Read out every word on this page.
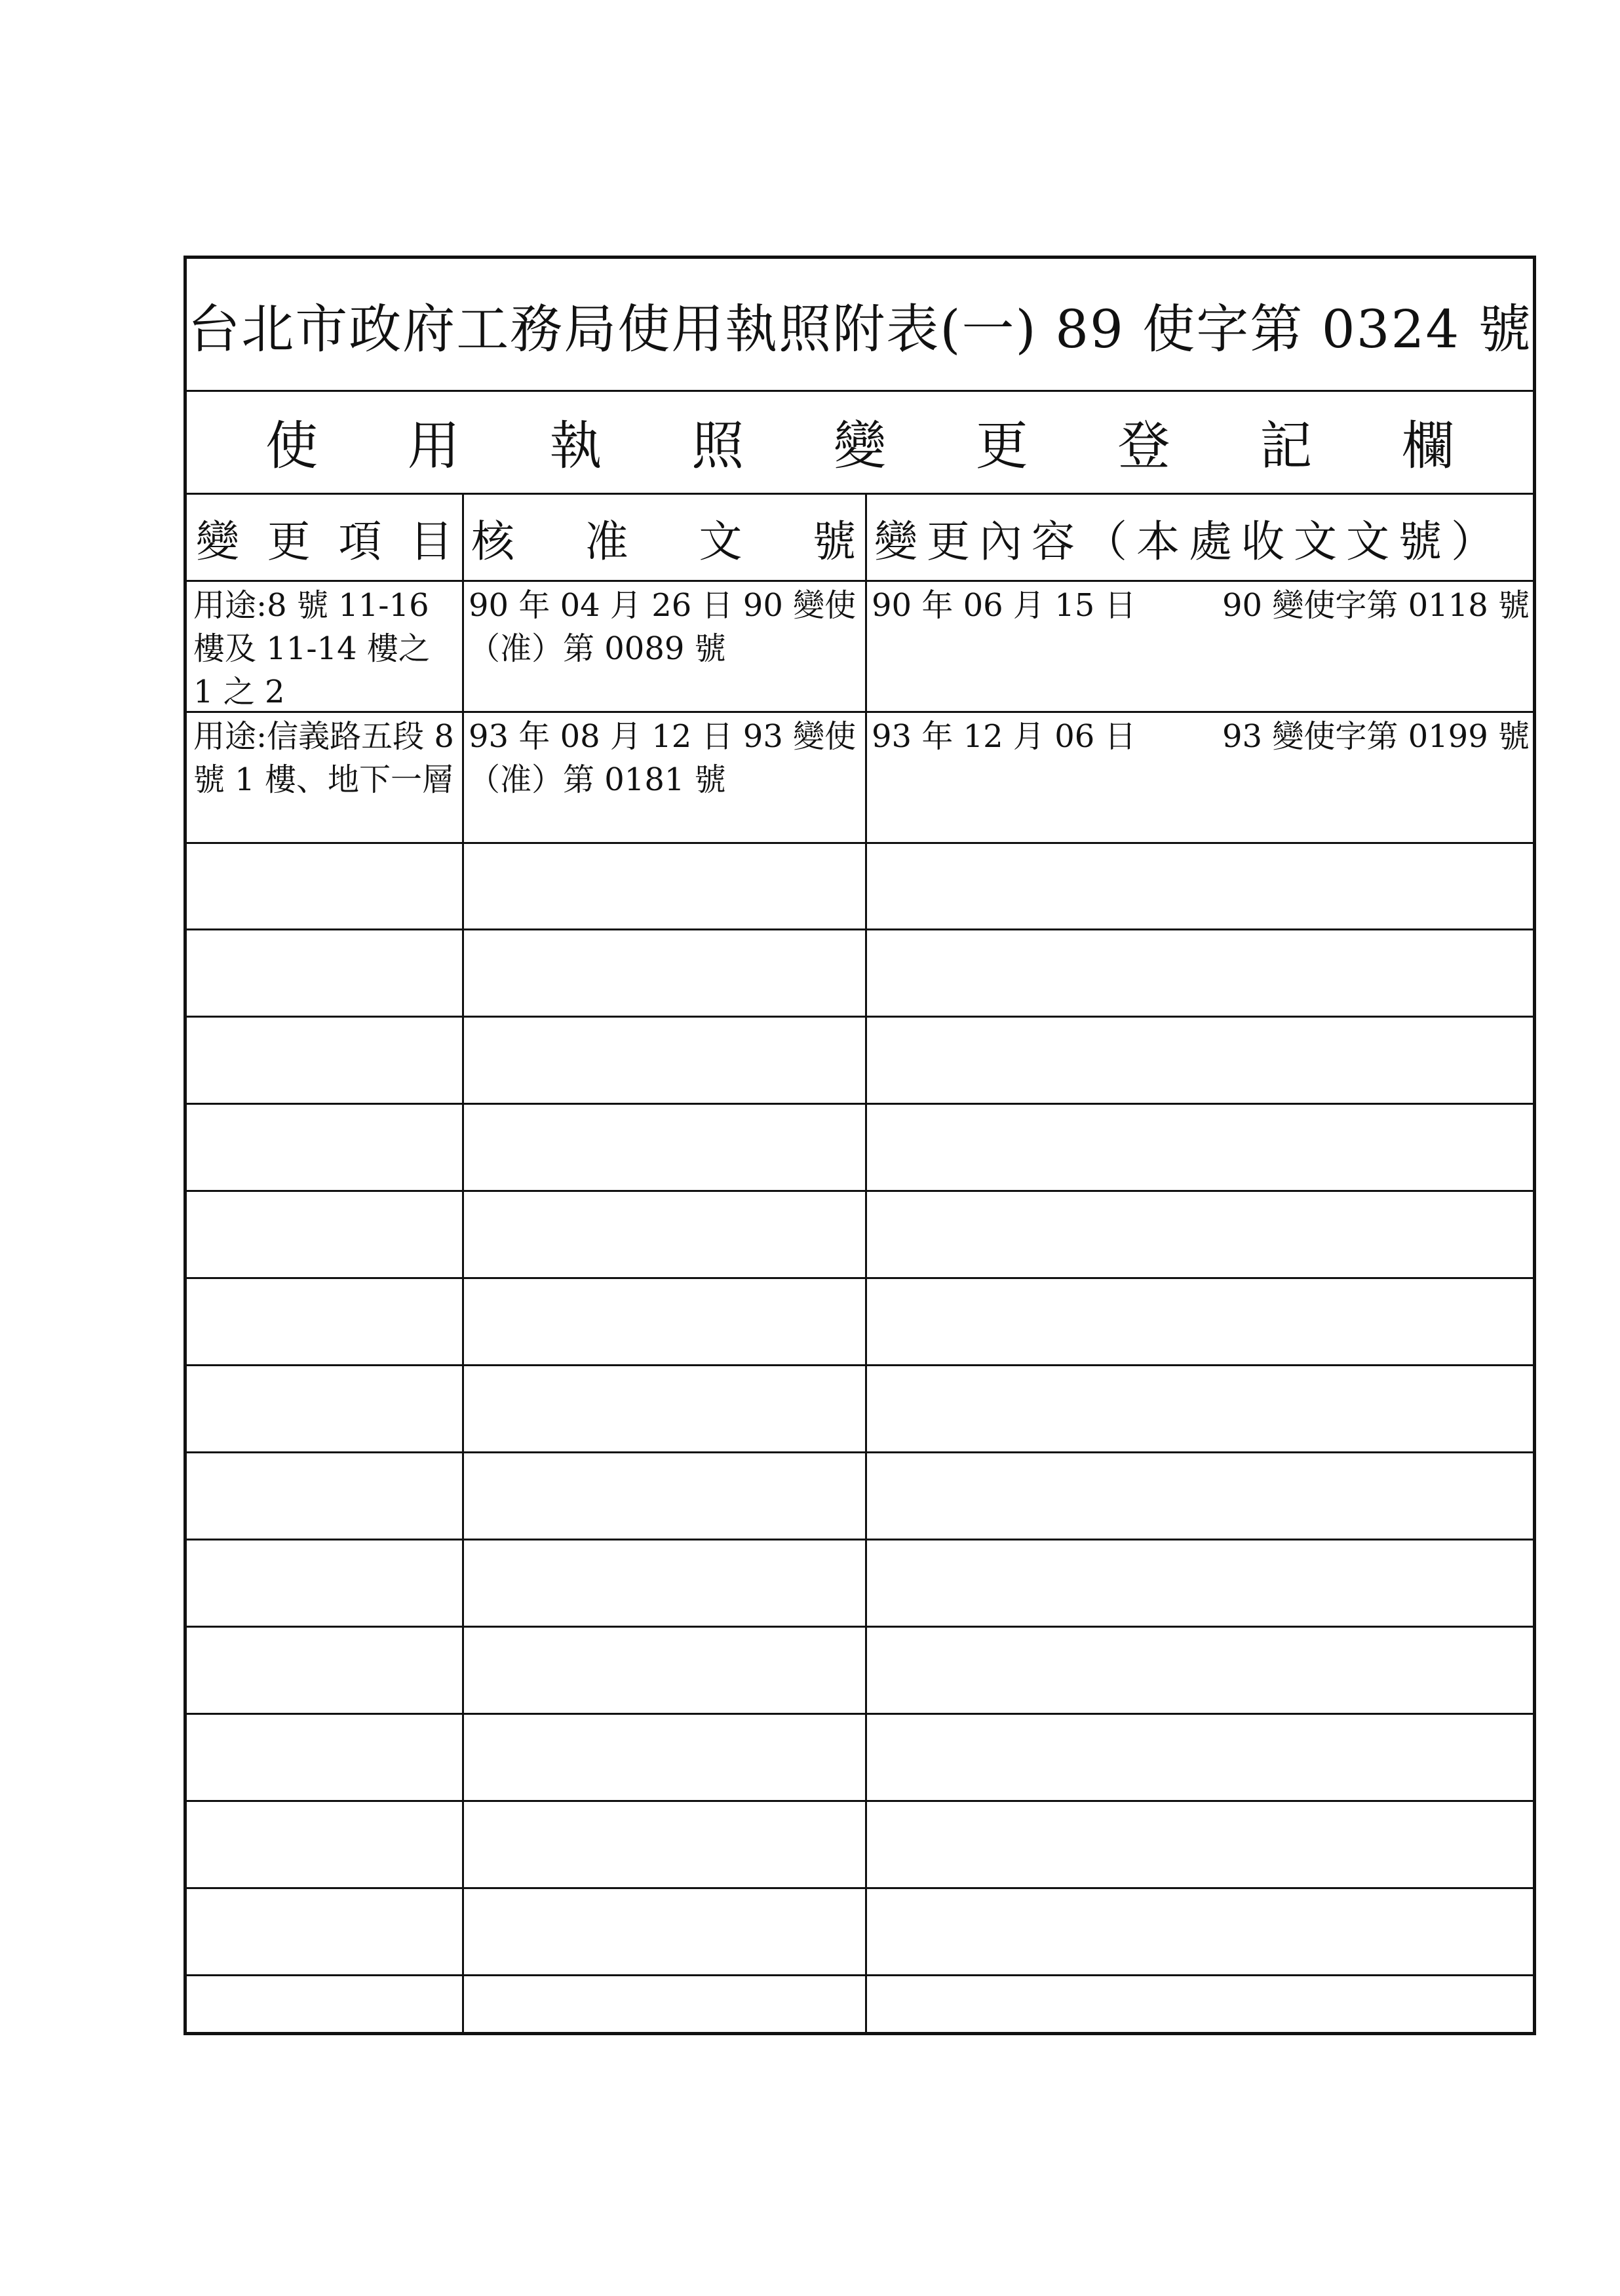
台北市政府工務局使用執照附表(一) 89 使字第 0324 號
使 用 執 照 變 更 登 記 欄
變 更 項 目 核 准 文 號 變更內容（本處收文文號）
用途:8 號 11-16 樓及 11-14 樓之 1 之 2
90 年 04 月 26 日 90 變使（准）第 0089 號
90 年 06 月 15 日	90 變使字第 0118 號
用途:信義路五段 8 號 1 樓、地下一層
93 年 08 月 12 日 93 變使（准）第 0181 號
93 年 12 月 06 日	93 變使字第 0199 號
